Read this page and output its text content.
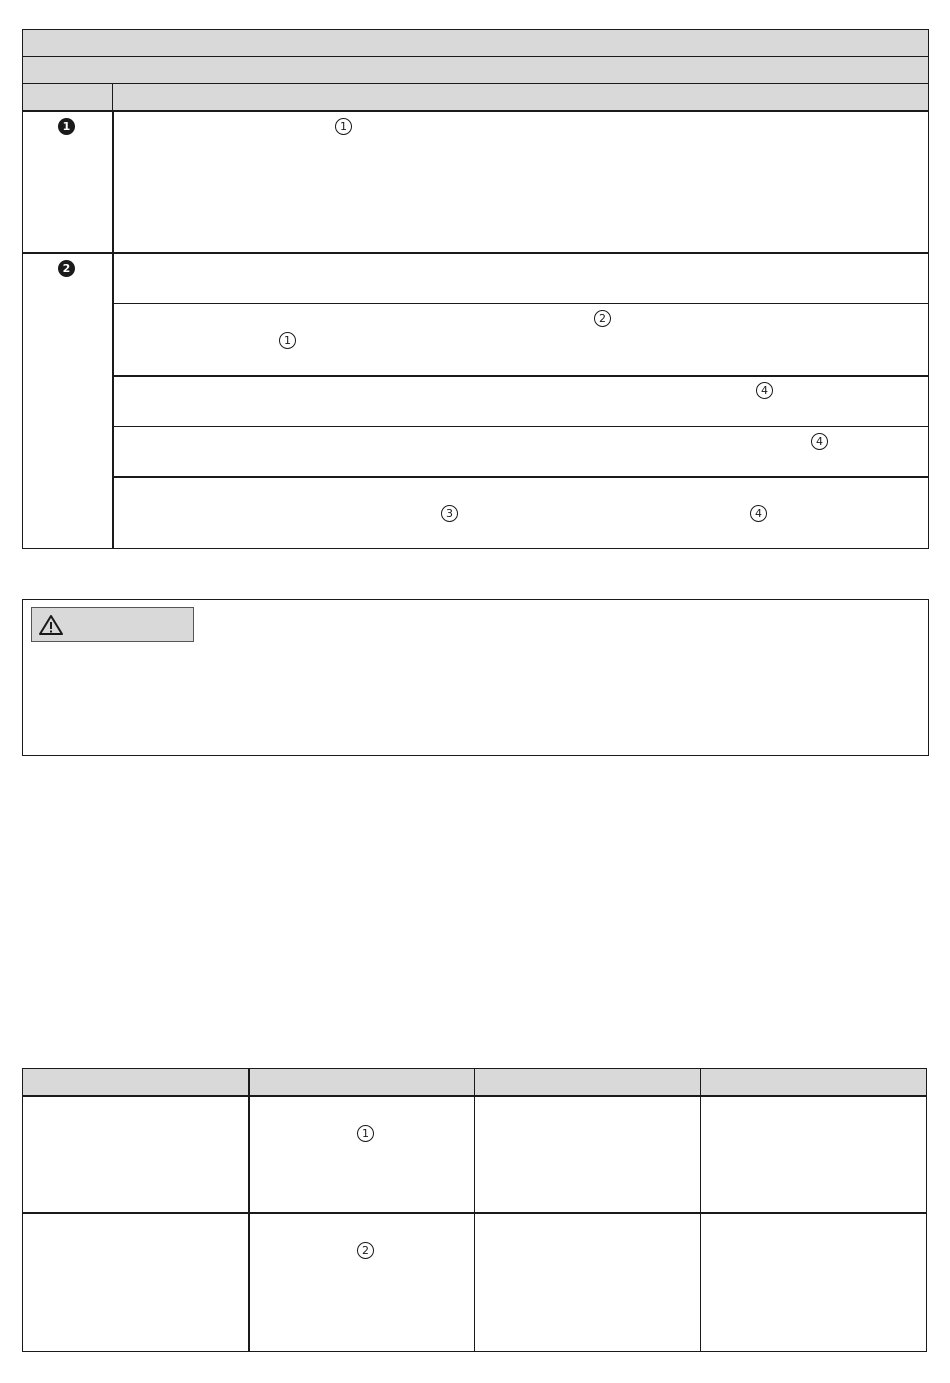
1
2
1
2
1
4
4
3	4
1
2
